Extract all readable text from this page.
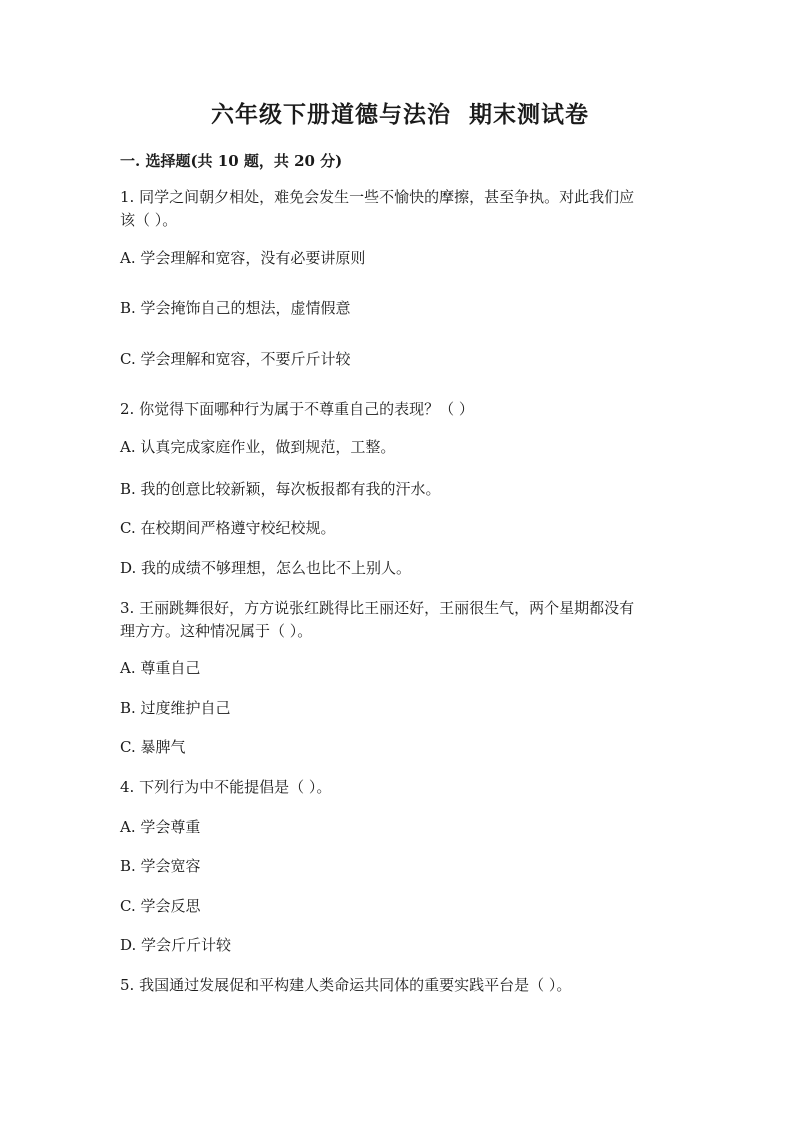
六年级下册道德与法治  期末测试卷
一. 选择题(共 10 题，共 20 分)
1. 同学之间朝夕相处，难免会发生一些不愉快的摩擦，甚至争执。对此我们应
该（ ）。
A. 学会理解和宽容，没有必要讲原则
B. 学会掩饰自己的想法，虚情假意
C. 学会理解和宽容，不要斤斤计较
2. 你觉得下面哪种行为属于不尊重自己的表现？（ ）
A. 认真完成家庭作业，做到规范，工整。
B. 我的创意比较新颖，每次板报都有我的汗水。
C. 在校期间严格遵守校纪校规。
D. 我的成绩不够理想，怎么也比不上别人。
3. 王丽跳舞很好，方方说张红跳得比王丽还好，王丽很生气，两个星期都没有
理方方。这种情况属于（ ）。
A. 尊重自己
B. 过度维护自己
C. 暴脾气
4. 下列行为中不能提倡是（ ）。
A. 学会尊重
B. 学会宽容
C. 学会反思
D. 学会斤斤计较
5. 我国通过发展促和平构建人类命运共同体的重要实践平台是（ ）。
